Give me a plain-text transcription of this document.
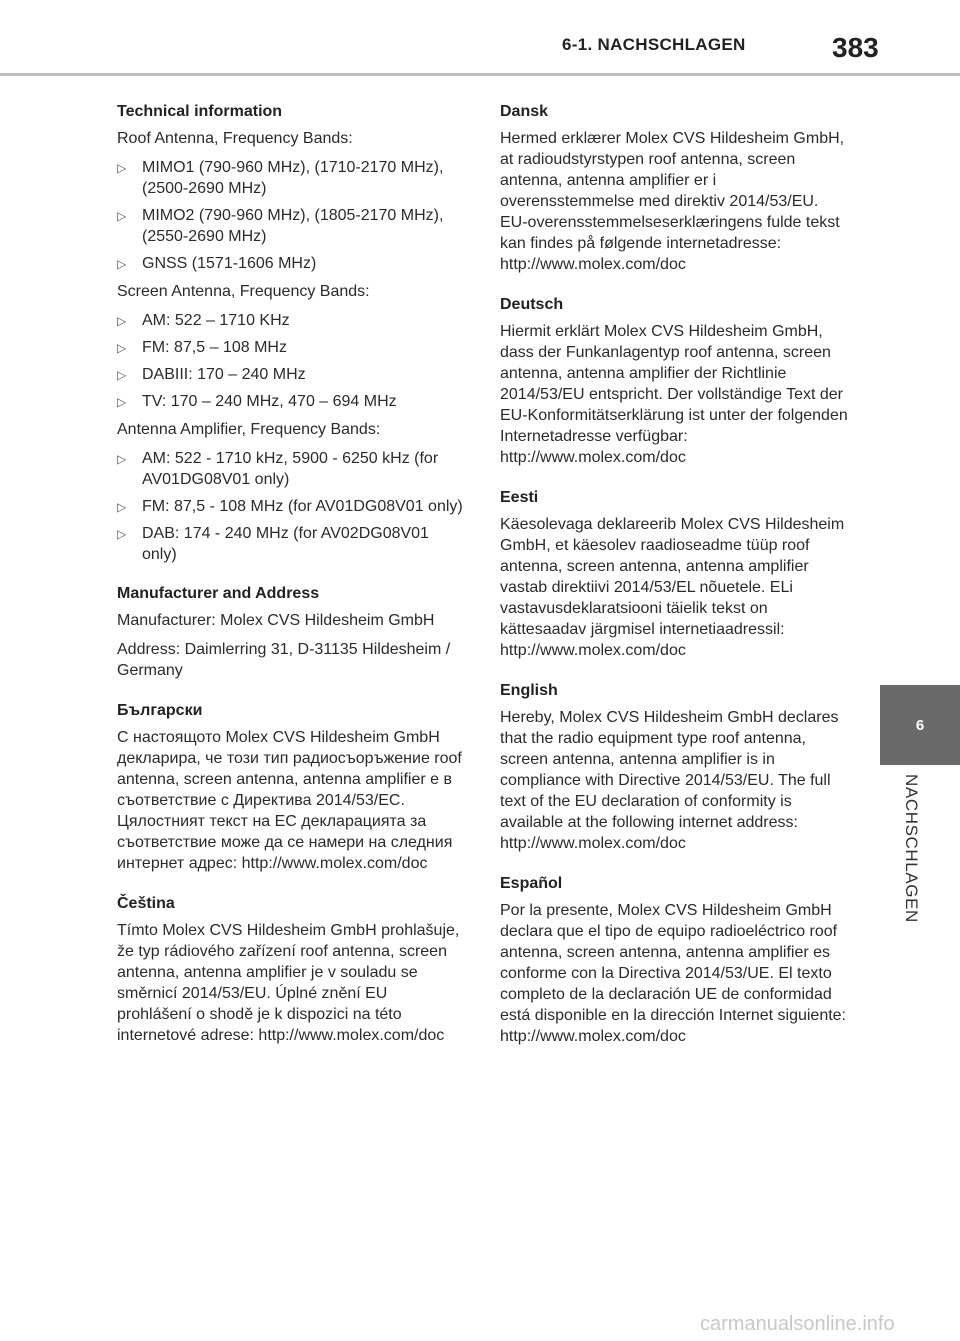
6-1. NACHSCHLAGEN	383
6
NACHSCHLAGEN
Technical information

Roof Antenna, Frequency Bands:

▷ MIMO1 (790-960 MHz), (1710-2170 MHz), (2500-2690 MHz)
▷ MIMO2 (790-960 MHz), (1805-2170 MHz), (2550-2690 MHz)
▷ GNSS (1571-1606 MHz)

Screen Antenna, Frequency Bands:

▷ AM: 522 – 1710 KHz
▷ FM: 87,5 – 108 MHz
▷ DABIII: 170 – 240 MHz
▷ TV: 170 – 240 MHz, 470 – 694 MHz

Antenna Amplifier, Frequency Bands:

▷ AM: 522 - 1710 kHz, 5900 - 6250 kHz (for AV01DG08V01 only)
▷ FM: 87,5 - 108 MHz (for AV01DG08V01 only)
▷ DAB: 174 - 240 MHz (for AV02DG08V01 only)
Manufacturer and Address

Manufacturer: Molex CVS Hildesheim GmbH

Address: Daimlerring 31, D-31135 Hildesheim / Germany

Български

С настоящото Molex CVS Hildesheim GmbH декларира, че този тип радиосъоръжение roof antenna, screen antenna, antenna amplifier е в съответствие с Директива 2014/53/ЕС. Цялостният текст на ЕС декларацията за съответствие може да се намери на следния интернет адрес: http://www.molex.com/doc

Čeština

Tímto Molex CVS Hildesheim GmbH prohlašuje, že typ rádiového zařízení roof antenna, screen antenna, antenna amplifier je v souladu se směrnicí 2014/53/EU. Úplné znění EU prohlášení o shodě je k dispozici na této internetové adrese: http://www.molex.com/doc

Dansk

Hermed erklærer Molex CVS Hildesheim GmbH, at radioudstyrstypen roof antenna, screen antenna, antenna amplifier er i overensstemmelse med direktiv 2014/53/EU. EU-overensstemmelseserklæringens fulde tekst kan findes på følgende internetadresse: http://www.molex.com/doc

Deutsch

Hiermit erklärt Molex CVS Hildesheim GmbH, dass der Funkanlagentyp roof antenna, screen antenna, antenna amplifier der Richtlinie 2014/53/EU entspricht. Der vollständige Text der EU-Konformitätserklärung ist unter der folgenden Internetadresse verfügbar: http://www.molex.com/doc

Eesti

Käesolevaga deklareerib Molex CVS Hildesheim GmbH, et käesolev raadioseadme tüüp roof antenna, screen antenna, antenna amplifier vastab direktiivi 2014/53/EL nõuetele. ELi vastavusdeklaratsiooni täielik tekst on kättesaadav järgmisel internetiaadressil: http://www.molex.com/doc

English

Hereby, Molex CVS Hildesheim GmbH declares that the radio equipment type roof antenna, screen antenna, antenna amplifier is in compliance with Directive 2014/53/EU. The full text of the EU declaration of conformity is available at the following internet address: http://www.molex.com/doc

Español

Por la presente, Molex CVS Hildesheim GmbH declara que el tipo de equipo radioeléctrico roof antenna, screen antenna, antenna amplifier es conforme con la Directiva 2014/53/UE. El texto completo de la declaración UE de conformidad está disponible en la dirección Internet siguiente: http://www.molex.com/doc

carmanualsonline.info
